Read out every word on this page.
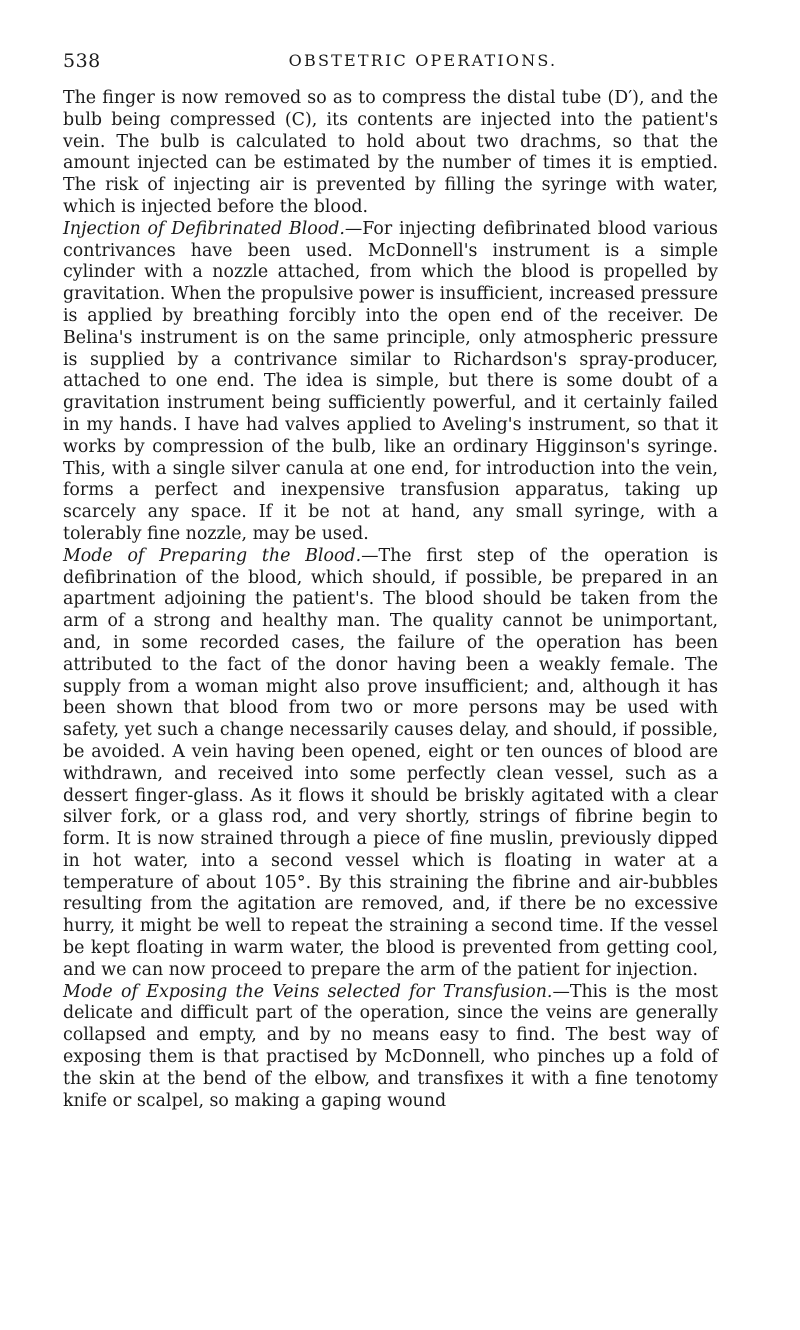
538	OBSTETRIC OPERATIONS.

The finger is now removed so as to compress the distal tube (D′), and the bulb being compressed (C), its contents are injected into the patient's vein. The bulb is calculated to hold about two drachms, so that the amount injected can be estimated by the number of times it is emptied. The risk of injecting air is prevented by filling the syringe with water, which is injected before the blood.

Injection of Defibrinated Blood.—For injecting defibrinated blood various contrivances have been used. McDonnell's instrument is a simple cylinder with a nozzle attached, from which the blood is propelled by gravitation. When the propulsive power is insufficient, increased pressure is applied by breathing forcibly into the open end of the receiver. De Belina's instrument is on the same principle, only atmospheric pressure is supplied by a contrivance similar to Richardson's spray-producer, attached to one end. The idea is simple, but there is some doubt of a gravitation instrument being sufficiently powerful, and it certainly failed in my hands. I have had valves applied to Aveling's instrument, so that it works by compression of the bulb, like an ordinary Higginson's syringe. This, with a single silver canula at one end, for introduction into the vein, forms a perfect and inexpensive transfusion apparatus, taking up scarcely any space. If it be not at hand, any small syringe, with a tolerably fine nozzle, may be used.

Mode of Preparing the Blood.—The first step of the operation is defibrination of the blood, which should, if possible, be prepared in an apartment adjoining the patient's. The blood should be taken from the arm of a strong and healthy man. The quality cannot be unimportant, and, in some recorded cases, the failure of the operation has been attributed to the fact of the donor having been a weakly female. The supply from a woman might also prove insufficient; and, although it has been shown that blood from two or more persons may be used with safety, yet such a change necessarily causes delay, and should, if possible, be avoided. A vein having been opened, eight or ten ounces of blood are withdrawn, and received into some perfectly clean vessel, such as a dessert finger-glass. As it flows it should be briskly agitated with a clear silver fork, or a glass rod, and very shortly, strings of fibrine begin to form. It is now strained through a piece of fine muslin, previously dipped in hot water, into a second vessel which is floating in water at a temperature of about 105°. By this straining the fibrine and air-bubbles resulting from the agitation are removed, and, if there be no excessive hurry, it might be well to repeat the straining a second time. If the vessel be kept floating in warm water, the blood is prevented from getting cool, and we can now proceed to prepare the arm of the patient for injection.

Mode of Exposing the Veins selected for Transfusion.—This is the most delicate and difficult part of the operation, since the veins are generally collapsed and empty, and by no means easy to find. The best way of exposing them is that practised by McDonnell, who pinches up a fold of the skin at the bend of the elbow, and transfixes it with a fine tenotomy knife or scalpel, so making a gaping wound
